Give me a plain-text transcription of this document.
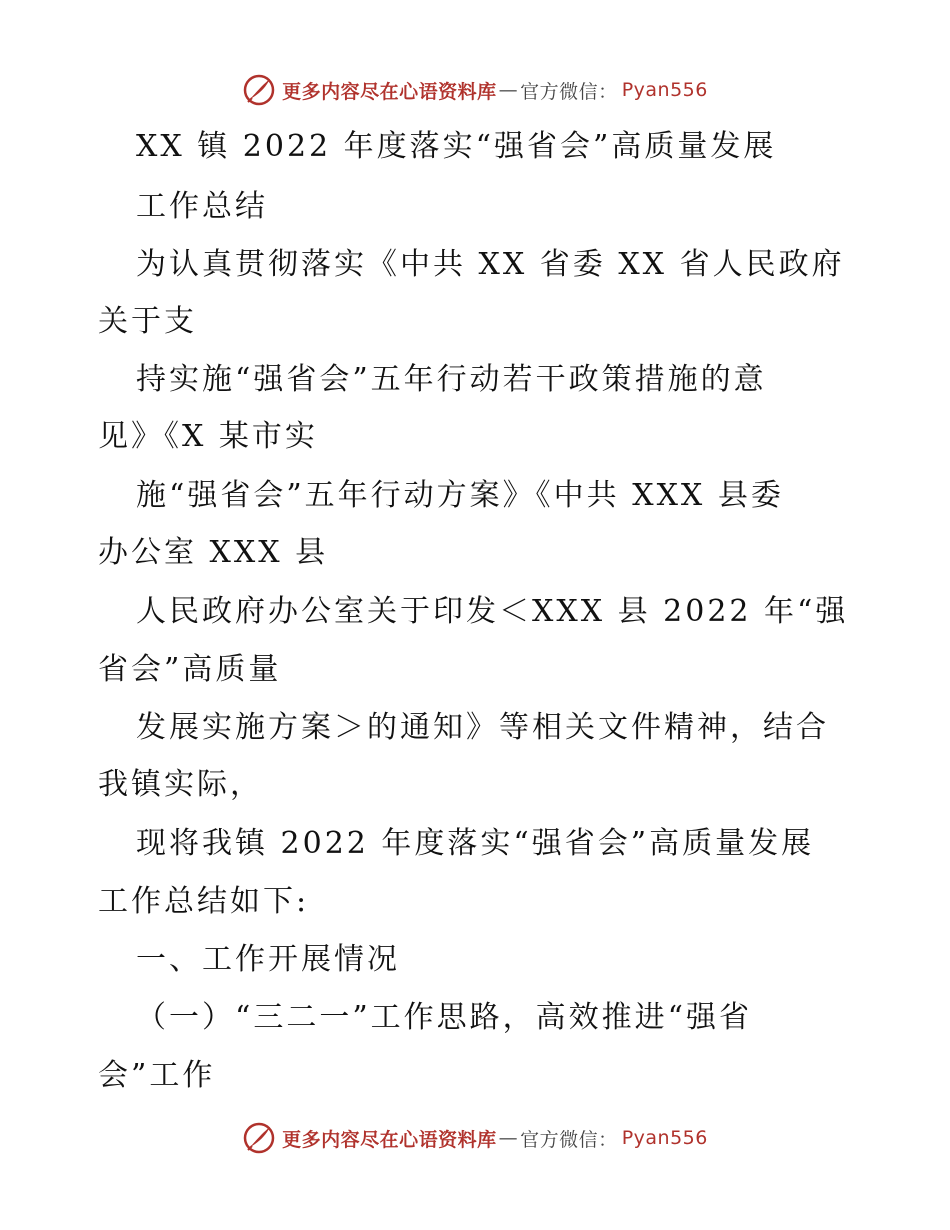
更多内容尽在心语资料库 — 官方微信： Pyan556
XX 镇 2022 年度落实“强省会”高质量发展
工作总结
为认真贯彻落实《中共 XX 省委 XX 省人民政府
关于支
持实施“强省会”五年行动若干政策措施的意
见》《X 某市实
施“强省会”五年行动方案》《中共 XXX 县委
办公室 XXX 县
人民政府办公室关于印发＜XXX 县 2022 年“强
省会”高质量
发展实施方案＞的通知》等相关文件精神，结合
我镇实际，
现将我镇 2022 年度落实“强省会”高质量发展
工作总结如下:
一、工作开展情况
（一）“三二一”工作思路，高效推进“强省
会”工作
更多内容尽在心语资料库 — 官方微信： Pyan556
